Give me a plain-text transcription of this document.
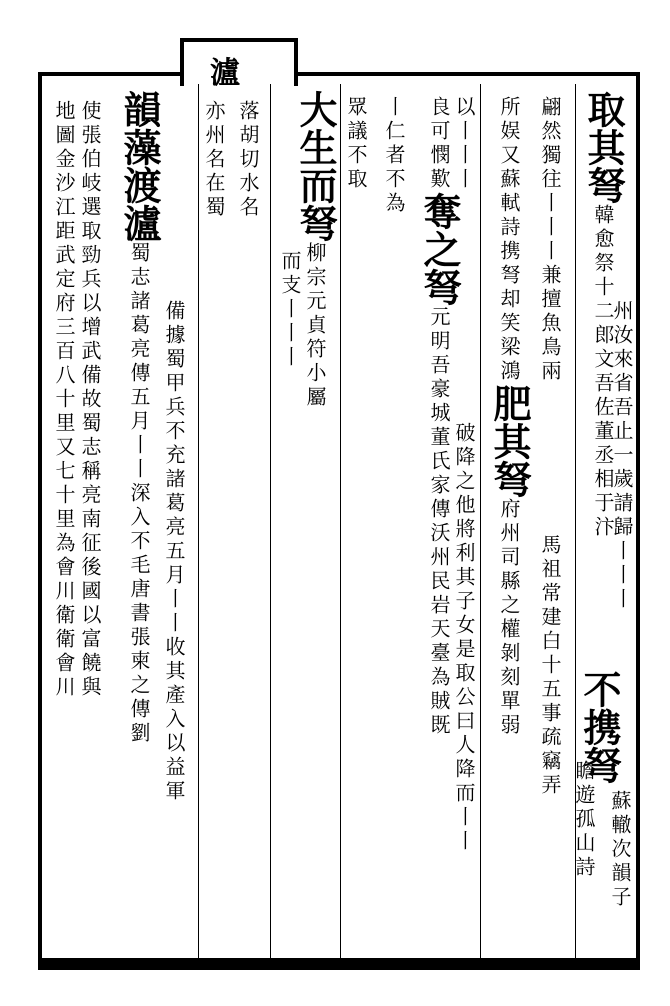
瀘
地圖金沙江距武定府三百八十里又七十里為會川衛衛會川 使張伯岐選取勁兵以增武備故蜀志稱亮南征後國以富饒與 韻藻渡瀘蜀志諸葛亮傳五月丨丨深入不毛唐書張柬之傳劉 備據蜀甲兵不充諸葛亮五月丨丨收其產入以益軍
亦州名在蜀 落胡切水名
而支丨丨丨
大生而弩柳宗元貞符小屬
眾議不取 丨仁者不為	良可憫歎奪之弩元明吾豪城董氏家傳沃州民岩天臺為賊既
以丨丨丨破降之他將利其子女是取公曰人降而丨丨
所娱又蘇軾詩携弩却笑梁鴻肥其弩府州司縣之權剝刻單弱
翩然獨往丨丨丨兼擅魚鳥兩馬祖常建白十五事疏竊弄
取其弩韓愈祭十二郎文吾佐董丞相于汴
州汝來省吾止一歲請歸丨丨丨
不携弩
蘇轍次韻子
瞻遊孤山詩
